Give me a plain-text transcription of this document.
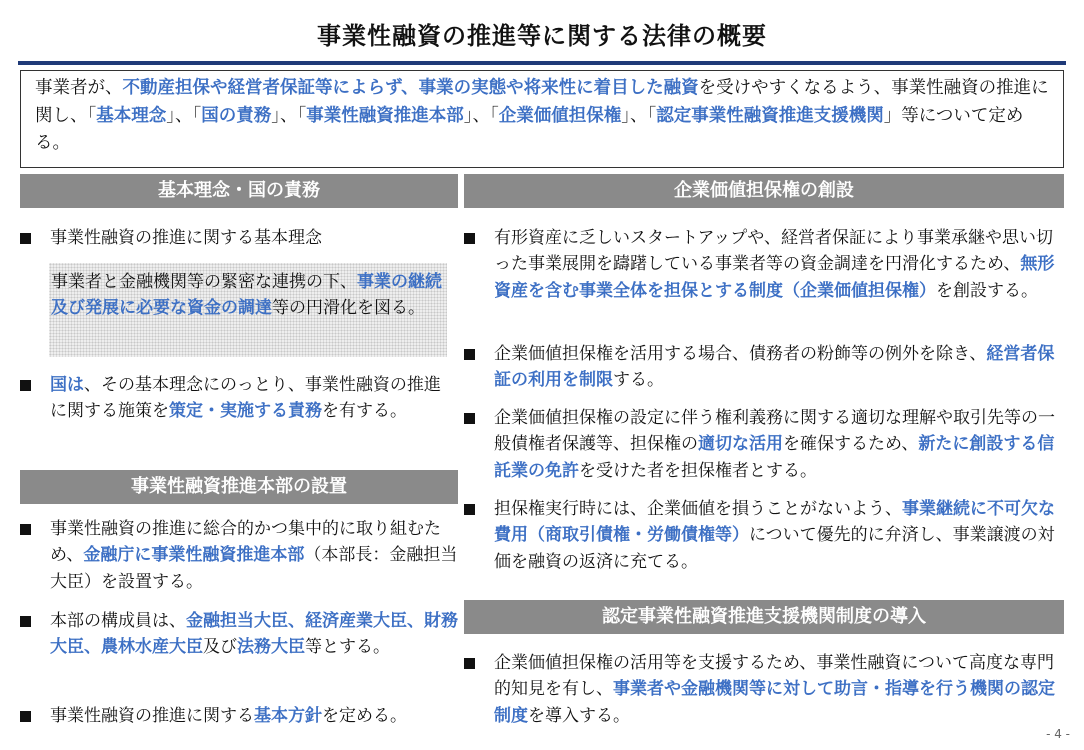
事業性融資の推進等に関する法律の概要
事業者が、不動産担保や経営者保証等によらず、事業の実態や将来性に着目した融資を受けやすくなるよう、事業性融資の推進に関し、「基本理念」、「国の責務」、「事業性融資推進本部」、「企業価値担保権」、「認定事業性融資推進支援機関」等について定める。
基本理念・国の責務
事業性融資の推進に関する基本理念
事業者と金融機関等の緊密な連携の下、事業の継続及び発展に必要な資金の調達等の円滑化を図る。
国は、その基本理念にのっとり、事業性融資の推進に関する施策を策定・実施する責務を有する。
事業性融資推進本部の設置
事業性融資の推進に総合的かつ集中的に取り組むため、金融庁に事業性融資推進本部（本部長：金融担当大臣）を設置する。
本部の構成員は、金融担当大臣、経済産業大臣、財務大臣、農林水産大臣及び法務大臣等とする。
事業性融資の推進に関する基本方針を定める。
企業価値担保権の創設
有形資産に乏しいスタートアップや、経営者保証により事業承継や思い切った事業展開を躊躇している事業者等の資金調達を円滑化するため、無形資産を含む事業全体を担保とする制度（企業価値担保権）を創設する。
企業価値担保権を活用する場合、債務者の粉飾等の例外を除き、経営者保証の利用を制限する。
企業価値担保権の設定に伴う権利義務に関する適切な理解や取引先等の一般債権者保護等、担保権の適切な活用を確保するため、新たに創設する信託業の免許を受けた者を担保権者とする。
担保権実行時には、企業価値を損うことがないよう、事業継続に不可欠な費用（商取引債権・労働債権等）について優先的に弁済し、事業譲渡の対価を融資の返済に充てる。
認定事業性融資推進支援機関制度の導入
企業価値担保権の活用等を支援するため、事業性融資について高度な専門的知見を有し、事業者や金融機関等に対して助言・指導を行う機関の認定制度を導入する。
- 4 -
